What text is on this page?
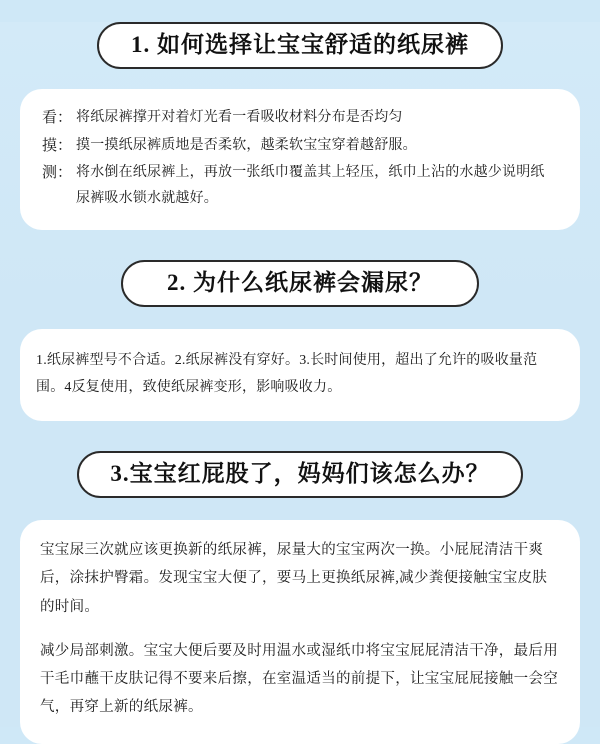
1. 如何选择让宝宝舒适的纸尿裤
看： 将纸尿裤撑开对着灯光看一看吸收材料分布是否均匀
摸： 摸一摸纸尿裤质地是否柔软，越柔软宝宝穿着越舒服。
测： 将水倒在纸尿裤上，再放一张纸巾覆盖其上轻压，纸巾上沾的水越少说明纸尿裤吸水锁水就越好。
2. 为什么纸尿裤会漏尿？

1.纸尿裤型号不合适。2.纸尿裤没有穿好。3.长时间使用，超出了允许的吸收量范围。4反复使用，致使纸尿裤变形，影响吸收力。

3.宝宝红屁股了，妈妈们该怎么办？

宝宝尿三次就应该更换新的纸尿裤，尿量大的宝宝两次一换。小屁屁清洁干爽后，涂抹护臀霜。发现宝宝大便了，要马上更换纸尿裤,减少粪便接触宝宝皮肤的时间。

减少局部刺激。宝宝大便后要及时用温水或湿纸巾将宝宝屁屁清洁干净，最后用干毛巾蘸干皮肤记得不要来后擦，在室温适当的前提下，让宝宝屁屁接触一会空气，再穿上新的纸尿裤。
